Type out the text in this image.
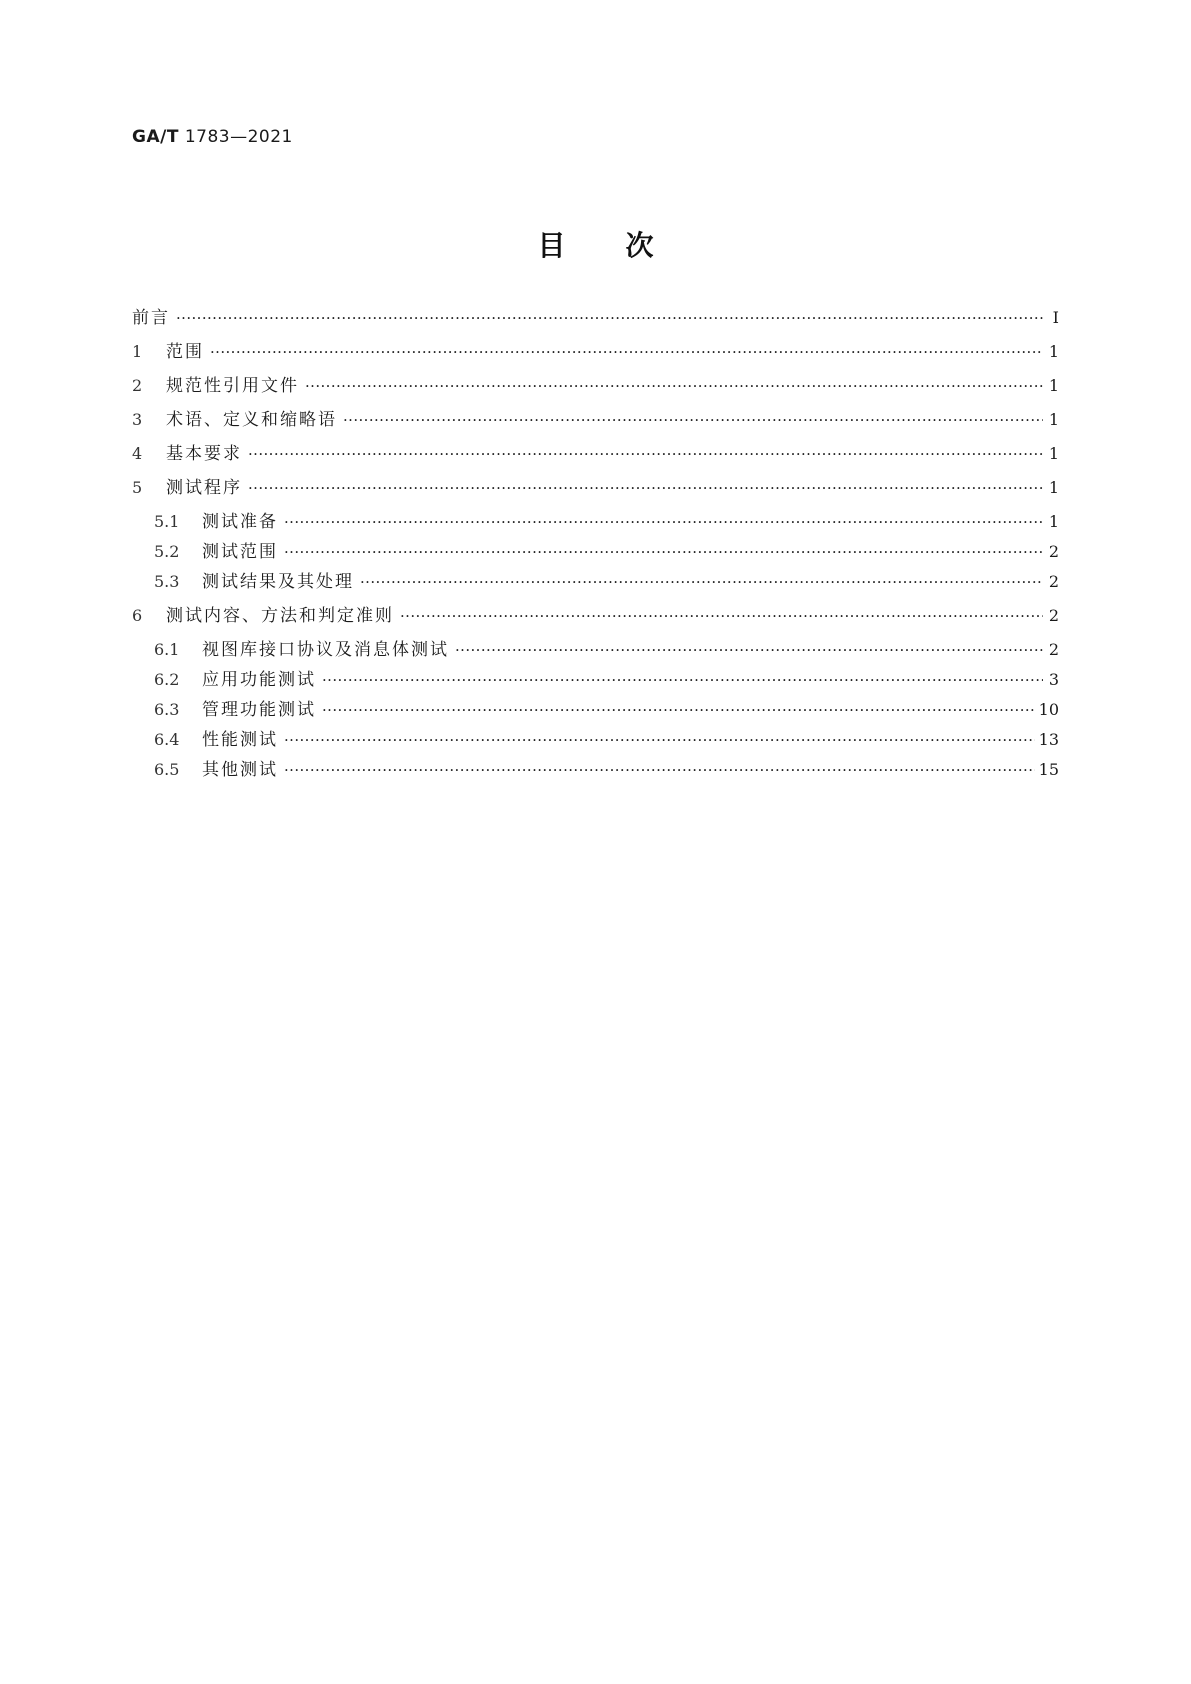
GA/T 1783—2021
目次
前言 ·····	Ⅰ
1	范围 ·····	1
2	规范性引用文件 ·····	1
3	术语、定义和缩略语 ·····	1
4	基本要求 ·····	1
5	测试程序 ·····	1
5.1	测试准备 ·····	1
5.2	测试范围 ·····	2
5.3	测试结果及其处理 ·····	2
6	测试内容、方法和判定准则 ·····	2
6.1	视图库接口协议及消息体测试 ·····	2
6.2	应用功能测试 ·····	3
6.3	管理功能测试 ·····	10
6.4	性能测试 ·····	13
6.5	其他测试 ·····	15
